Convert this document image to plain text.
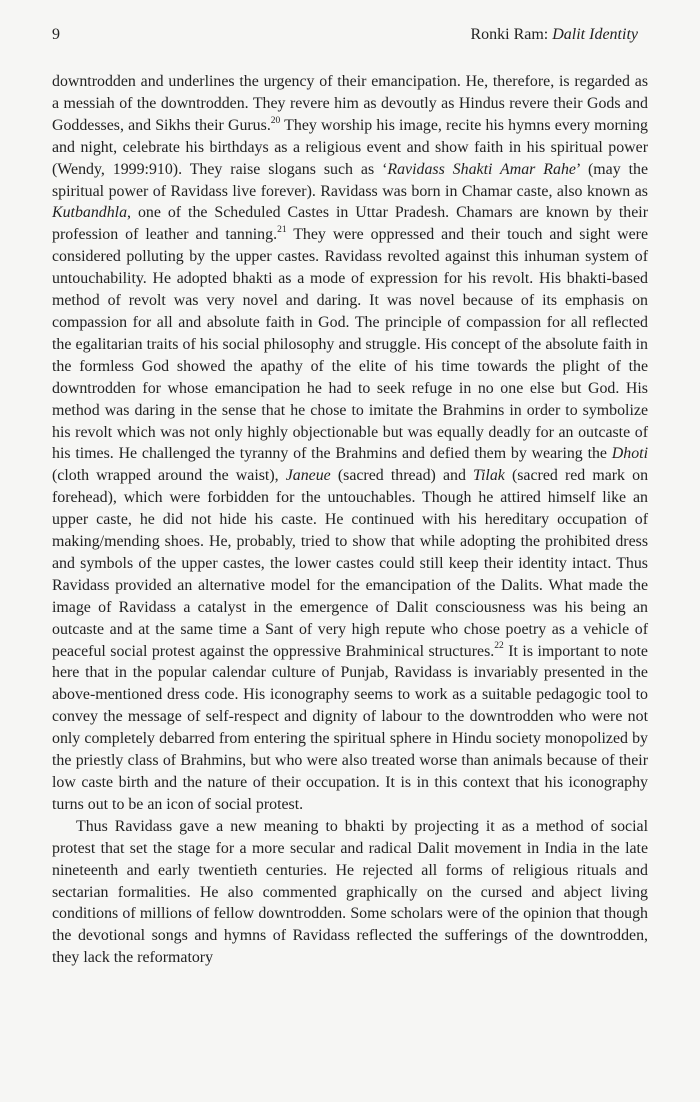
9	Ronki Ram: Dalit Identity

downtrodden and underlines the urgency of their emancipation. He, therefore, is regarded as a messiah of the downtrodden. They revere him as devoutly as Hindus revere their Gods and Goddesses, and Sikhs their Gurus.$^{20}$ They worship his image, recite his hymns every morning and night, celebrate his birthdays as a religious event and show faith in his spiritual power (Wendy, 1999:910). They raise slogans such as ‘Ravidass Shakti Amar Rahe’ (may the spiritual power of Ravidass live forever). Ravidass was born in Chamar caste, also known as Kutbandhla, one of the Scheduled Castes in Uttar Pradesh. Chamars are known by their profession of leather and tanning.$^{21}$ They were oppressed and their touch and sight were considered polluting by the upper castes. Ravidass revolted against this inhuman system of untouchability. He adopted bhakti as a mode of expression for his revolt. His bhakti-based method of revolt was very novel and daring. It was novel because of its emphasis on compassion for all and absolute faith in God. The principle of compassion for all reflected the egalitarian traits of his social philosophy and struggle. His concept of the absolute faith in the formless God showed the apathy of the elite of his time towards the plight of the downtrodden for whose emancipation he had to seek refuge in no one else but God. His method was daring in the sense that he chose to imitate the Brahmins in order to symbolize his revolt which was not only highly objectionable but was equally deadly for an outcaste of his times. He challenged the tyranny of the Brahmins and defied them by wearing the Dhoti (cloth wrapped around the waist), Janeue (sacred thread) and Tilak (sacred red mark on forehead), which were forbidden for the untouchables. Though he attired himself like an upper caste, he did not hide his caste. He continued with his hereditary occupation of making/mending shoes. He, probably, tried to show that while adopting the prohibited dress and symbols of the upper castes, the lower castes could still keep their identity intact. Thus Ravidass provided an alternative model for the emancipation of the Dalits. What made the image of Ravidass a catalyst in the emergence of Dalit consciousness was his being an outcaste and at the same time a Sant of very high repute who chose poetry as a vehicle of peaceful social protest against the oppressive Brahminical structures.$^{22}$ It is important to note here that in the popular calendar culture of Punjab, Ravidass is invariably presented in the above-mentioned dress code. His iconography seems to work as a suitable pedagogic tool to convey the message of self-respect and dignity of labour to the downtrodden who were not only completely debarred from entering the spiritual sphere in Hindu society monopolized by the priestly class of Brahmins, but who were also treated worse than animals because of their low caste birth and the nature of their occupation. It is in this context that his iconography turns out to be an icon of social protest.

Thus Ravidass gave a new meaning to bhakti by projecting it as a method of social protest that set the stage for a more secular and radical Dalit movement in India in the late nineteenth and early twentieth centuries. He rejected all forms of religious rituals and sectarian formalities. He also commented graphically on the cursed and abject living conditions of millions of fellow downtrodden. Some scholars were of the opinion that though the devotional songs and hymns of Ravidass reflected the sufferings of the downtrodden, they lack the reformatory
